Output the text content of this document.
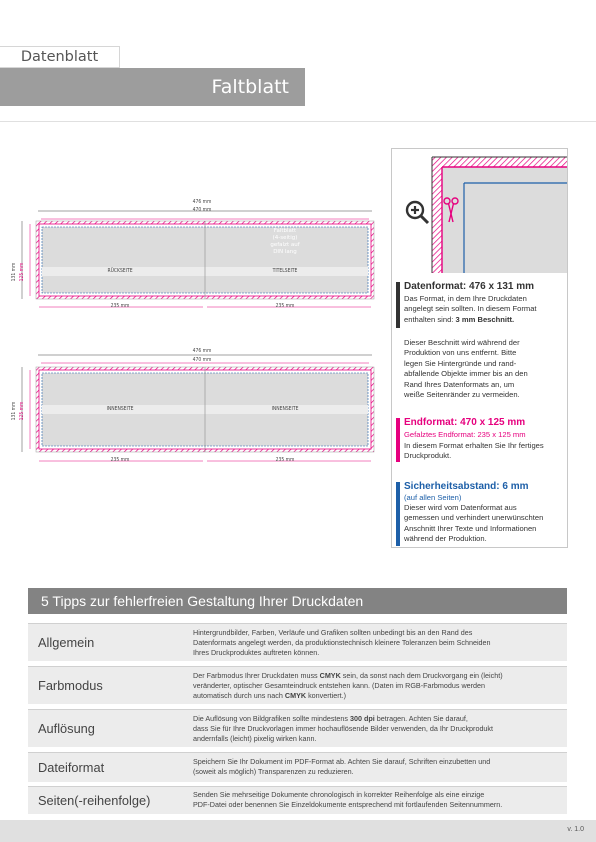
Faltblatt
Datenblatt
476 mm
470 mm
131 mm 125 mm	RÜCKSEITE	TITELSEITE
Faltblatt
(4-seitig)
gefalzt auf
DIN lang
235 mm	235 mm
476 mm
470 mm
131 mm 125 mm	INNENSEITE	INNENSEITE
235 mm	235 mm
Datenformat: 476 x 131 mm
Das Format, in dem Ihre Druckdaten
angelegt sein sollten. In diesem Format
enthalten sind: 3 mm Beschnitt.
Dieser Beschnitt wird während der
Produktion von uns entfernt. Bitte
legen Sie Hintergründe und rand-
abfallende Objekte immer bis an den
Rand Ihres Datenformats an, um
weiße Seitenränder zu vermeiden.
Endformat: 470 x 125 mm
Gefalztes Endformat: 235 x 125 mm
In diesem Format erhalten Sie Ihr fertiges
Druckprodukt.
Sicherheitsabstand: 6 mm
(auf allen Seiten)
Dieser wird vom Datenformat aus
gemessen und verhindert unerwünschten
Anschnitt Ihrer Texte und Informationen
während der Produktion.
5 Tipps zur fehlerfreien Gestaltung Ihrer Druckdaten
Allgemein
Hintergrundbilder, Farben, Verläufe und Grafiken sollten unbedingt bis an den Rand des
Datenformats angelegt werden, da produktionstechnisch kleinere Toleranzen beim Schneiden
Ihres Druckproduktes auftreten können.
Farbmodus
Der Farbmodus Ihrer Druckdaten muss CMYK sein, da sonst nach dem Druckvorgang ein (leicht)
veränderter, optischer Gesamteindruck entstehen kann. (Daten im RGB-Farbmodus werden
automatisch durch uns nach CMYK konvertiert.)
Auflösung
Die Auflösung von Bildgrafiken sollte mindestens 300 dpi betragen. Achten Sie darauf,
dass Sie für Ihre Druckvorlagen immer hochauflösende Bilder verwenden, da Ihr Druckprodukt
andernfalls (leicht) pixelig wirken kann.
Dateiformat	Speichern Sie Ihr Dokument im PDF-Format ab. Achten Sie darauf, Schriften einzubetten und
(soweit als möglich) Transparenzen zu reduzieren.
Seiten(-reihenfolge)	Senden Sie mehrseitige Dokumente chronologisch in korrekter Reihenfolge als eine einzige
PDF-Datei oder benennen Sie Einzeldokumente entsprechend mit fortlaufenden Seitennummern.
v. 1.0
